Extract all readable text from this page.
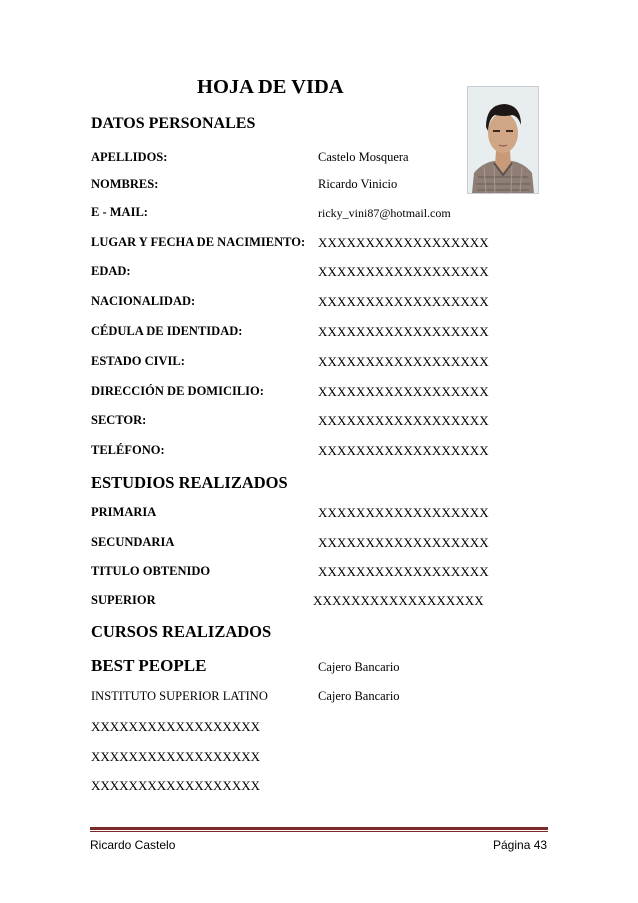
HOJA DE VIDA
DATOS PERSONALES
APELLIDOS:	Castelo Mosquera
NOMBRES:	Ricardo Vinicio
E - MAIL:	ricky_vini87@hotmail.com
LUGAR Y FECHA DE NACIMIENTO: XXXXXXXXXXXXXXXXXX
EDAD:	XXXXXXXXXXXXXXXXXX
NACIONALIDAD:	XXXXXXXXXXXXXXXXXX
CÉDULA DE IDENTIDAD:	XXXXXXXXXXXXXXXXXX
ESTADO CIVIL:	XXXXXXXXXXXXXXXXXX
DIRECCIÓN DE DOMICILIO:	XXXXXXXXXXXXXXXXXX
SECTOR:	XXXXXXXXXXXXXXXXXX
TELÉFONO:	XXXXXXXXXXXXXXXXXX
ESTUDIOS REALIZADOS
PRIMARIA	XXXXXXXXXXXXXXXXXX
SECUNDARIA	XXXXXXXXXXXXXXXXXX
TITULO OBTENIDO	XXXXXXXXXXXXXXXXXX
SUPERIOR	XXXXXXXXXXXXXXXXXX
CURSOS REALIZADOS
BEST PEOPLE	Cajero Bancario
INSTITUTO SUPERIOR LATINO	Cajero Bancario
XXXXXXXXXXXXXXXXXX
XXXXXXXXXXXXXXXXXX
XXXXXXXXXXXXXXXXXX
Ricardo Castelo	Página 43
